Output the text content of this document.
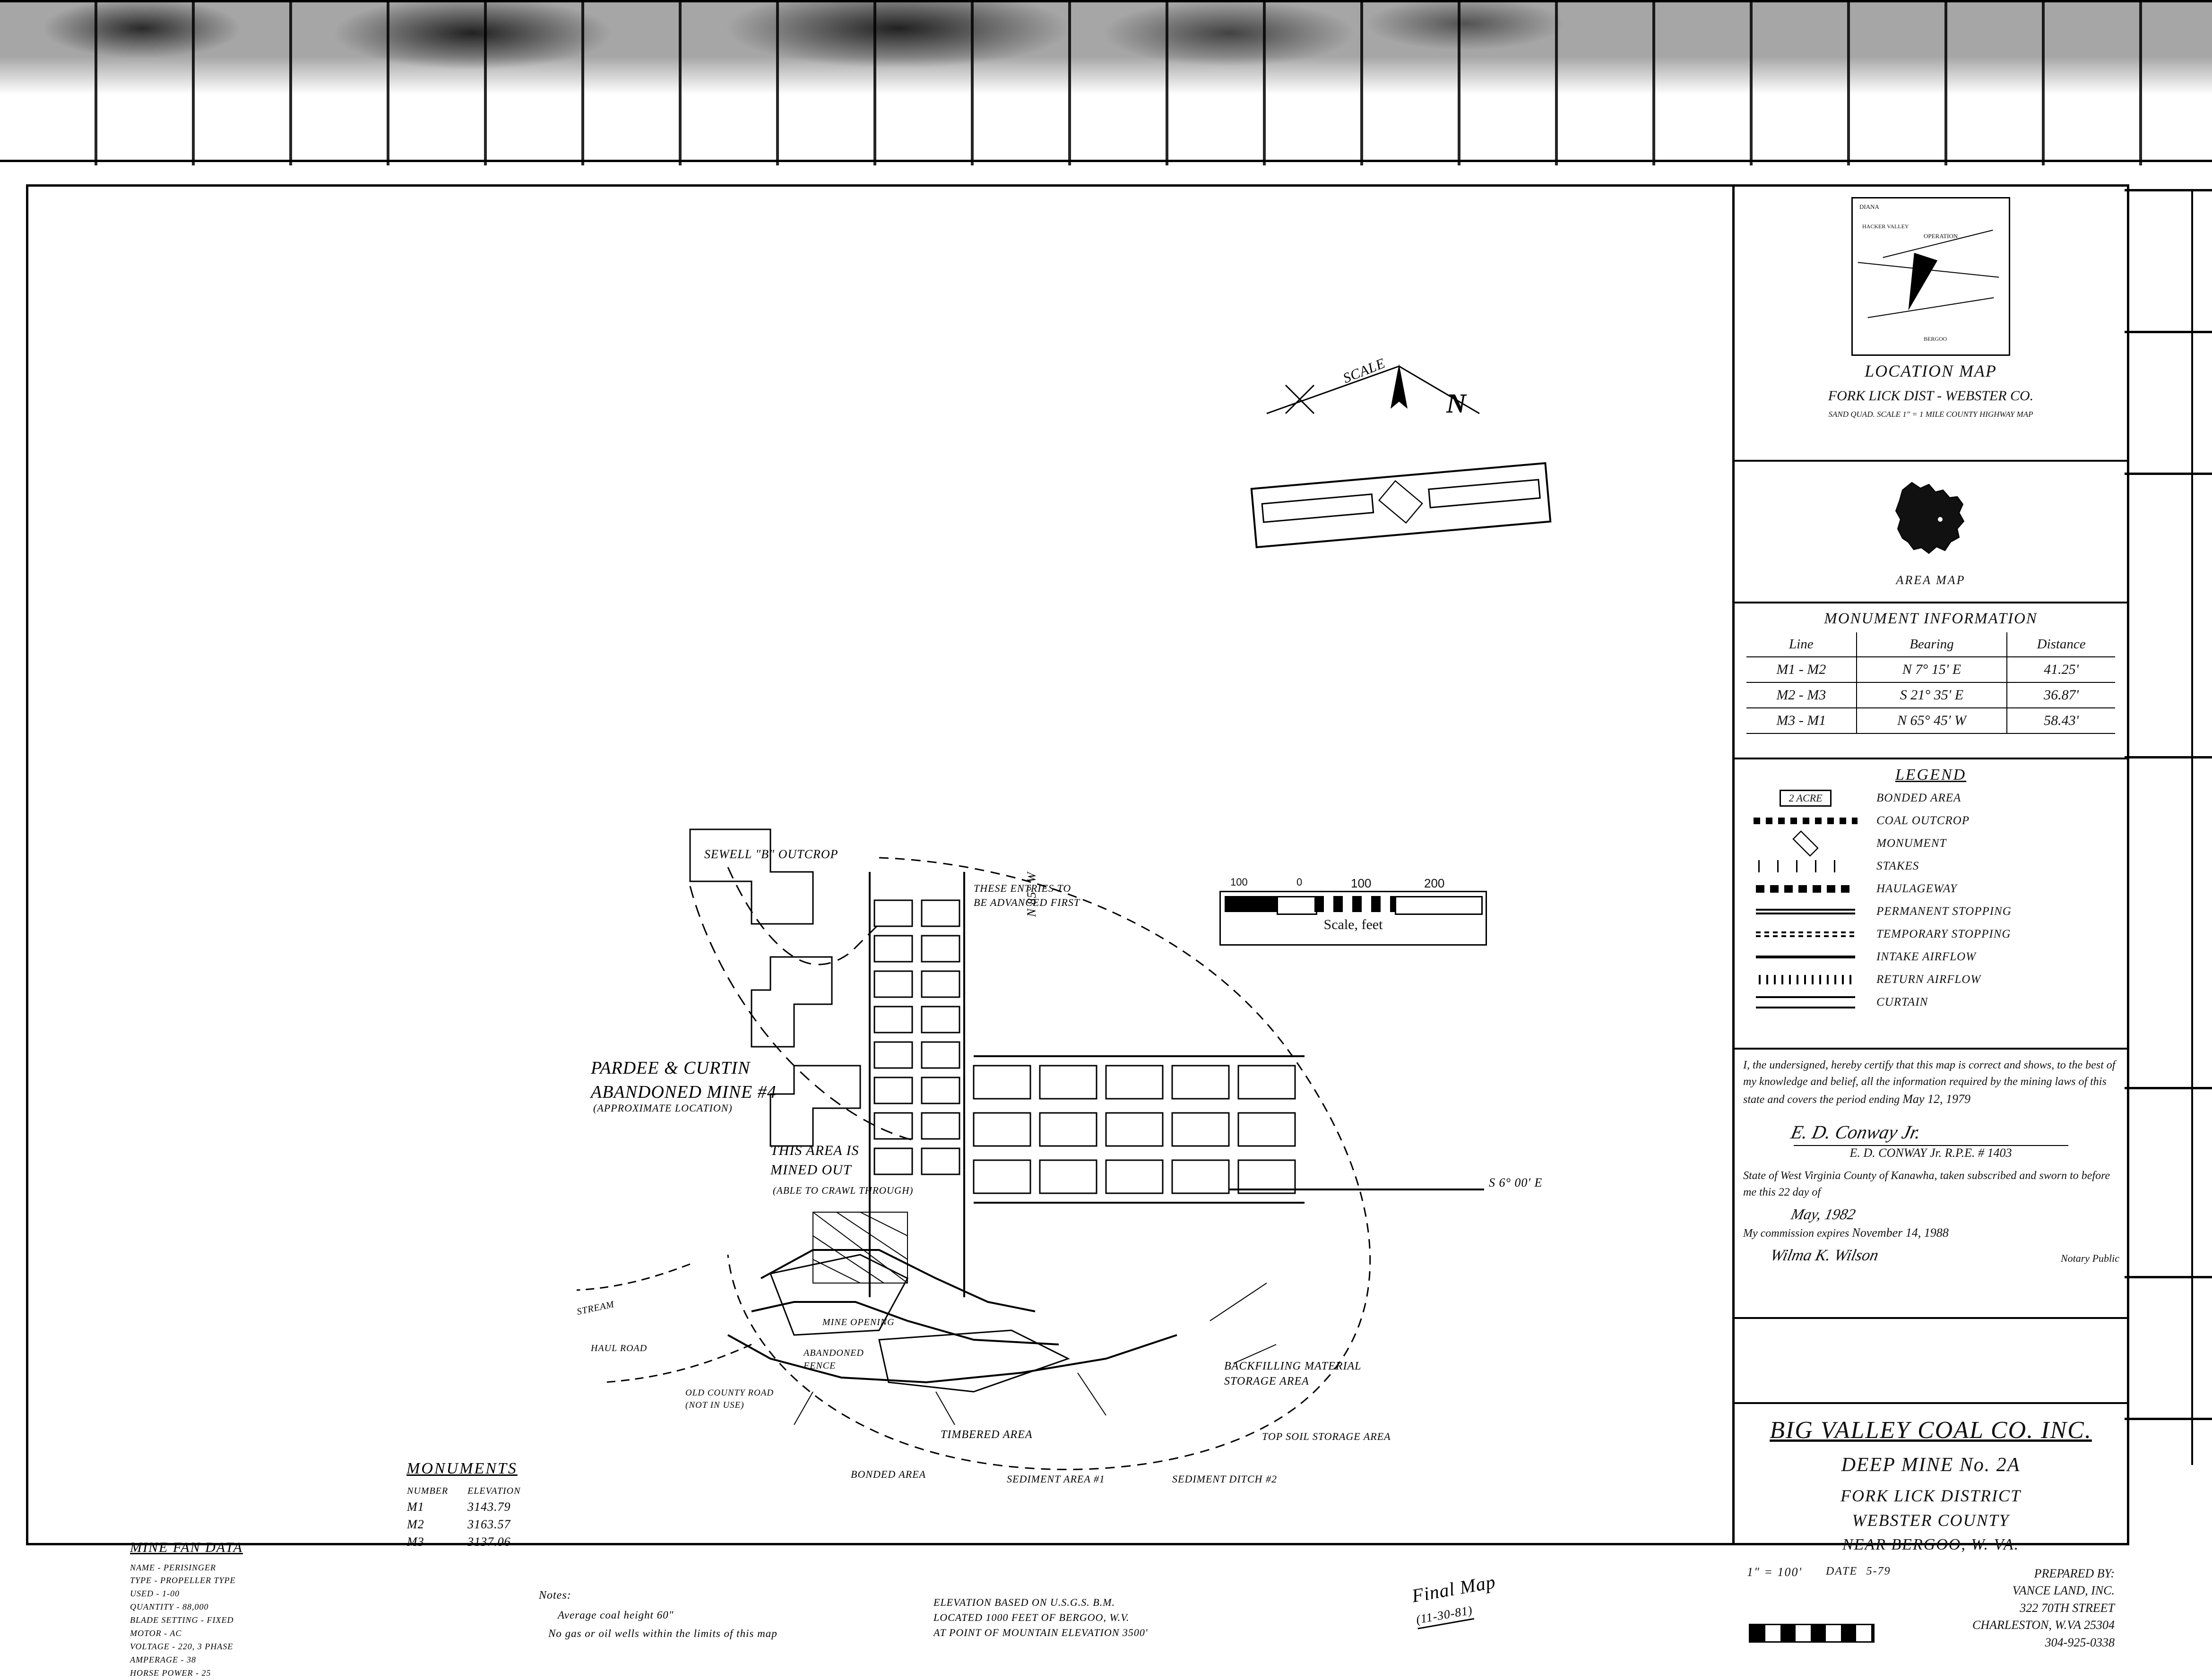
SCALE
N
100	0	100	200
Scale, feet
S 6° 00' E
N 85° W
SEWELL "B" OUTCROP
THESE ENTRIES TO BE ADVANCED FIRST
PARDEE & CURTIN ABANDONED MINE #4
(APPROXIMATE LOCATION)
THIS AREA IS MINED OUT
(ABLE TO CRAWL THROUGH)
STREAM
HAUL ROAD	ABANDONED FENCE
OLD COUNTY ROAD (NOT IN USE)
BACKFILLING MATERIAL STORAGE AREA
TOP SOIL STORAGE AREA
TIMBERED AREA
BONDED AREA	SEDIMENT AREA #1	SEDIMENT DITCH #2
MINE OPENING
MONUMENTS
NUMBER	ELEVATION
M1	3143.79
M2	3163.57
M3	3137.06
MINE FAN DATA
NAME - PERISINGER
TYPE - PROPELLER TYPE
USED - 1-00
QUANTITY - 88,000
BLADE SETTING - FIXED
MOTOR - AC
VOLTAGE - 220, 3 PHASE
AMPERAGE - 38
HORSE POWER - 25
Notes:
Average coal height 60"
No gas or oil wells within the limits of this map
ELEVATION BASED ON U.S.G.S. B.M.
LOCATED 1000 FEET OF BERGOO, W.V.
AT POINT OF MOUNTAIN ELEVATION 3500'
Final Map
(11-30-81)
DIANA
HACKER VALLEY
OPERATION
BERGOO
LOCATION MAP
FORK LICK DIST - WEBSTER CO.
SAND QUAD. SCALE 1" = 1 MILE COUNTY HIGHWAY MAP
AREA MAP
MONUMENT INFORMATION
Line	Bearing	Distance
M1 - M2	N 7° 15' E	41.25'
M2 - M3	S 21° 35' E	36.87'
M3 - M1	N 65° 45' W	58.43'
LEGEND
2 ACRE	BONDED AREA
COAL OUTCROP
MONUMENT
STAKES
HAULAGEWAY
PERMANENT STOPPING
TEMPORARY STOPPING
INTAKE AIRFLOW
RETURN AIRFLOW
CURTAIN
I, the undersigned, hereby certify that this map is correct and shows, to the best of my knowledge and belief, all the information required by the mining laws of this state and covers the period ending May 12, 1979
E. D. Conway Jr.
E. D. CONWAY Jr. R.P.E. # 1403
State of West Virginia County of Kanawha, taken subscribed and sworn to before me this 22 day of
May, 1982
My commission expires November 14, 1988
Wilma K. Wilson	Notary Public
BIG VALLEY COAL CO. INC.
DEEP MINE No. 2A
FORK LICK DISTRICT
WEBSTER COUNTY
NEAR BERGOO, W. VA.
1" = 100' DATE 5-79	PREPARED BY:
VANCE LAND, INC.
322 70TH STREET
CHARLESTON, W.VA 25304
304-925-0338
